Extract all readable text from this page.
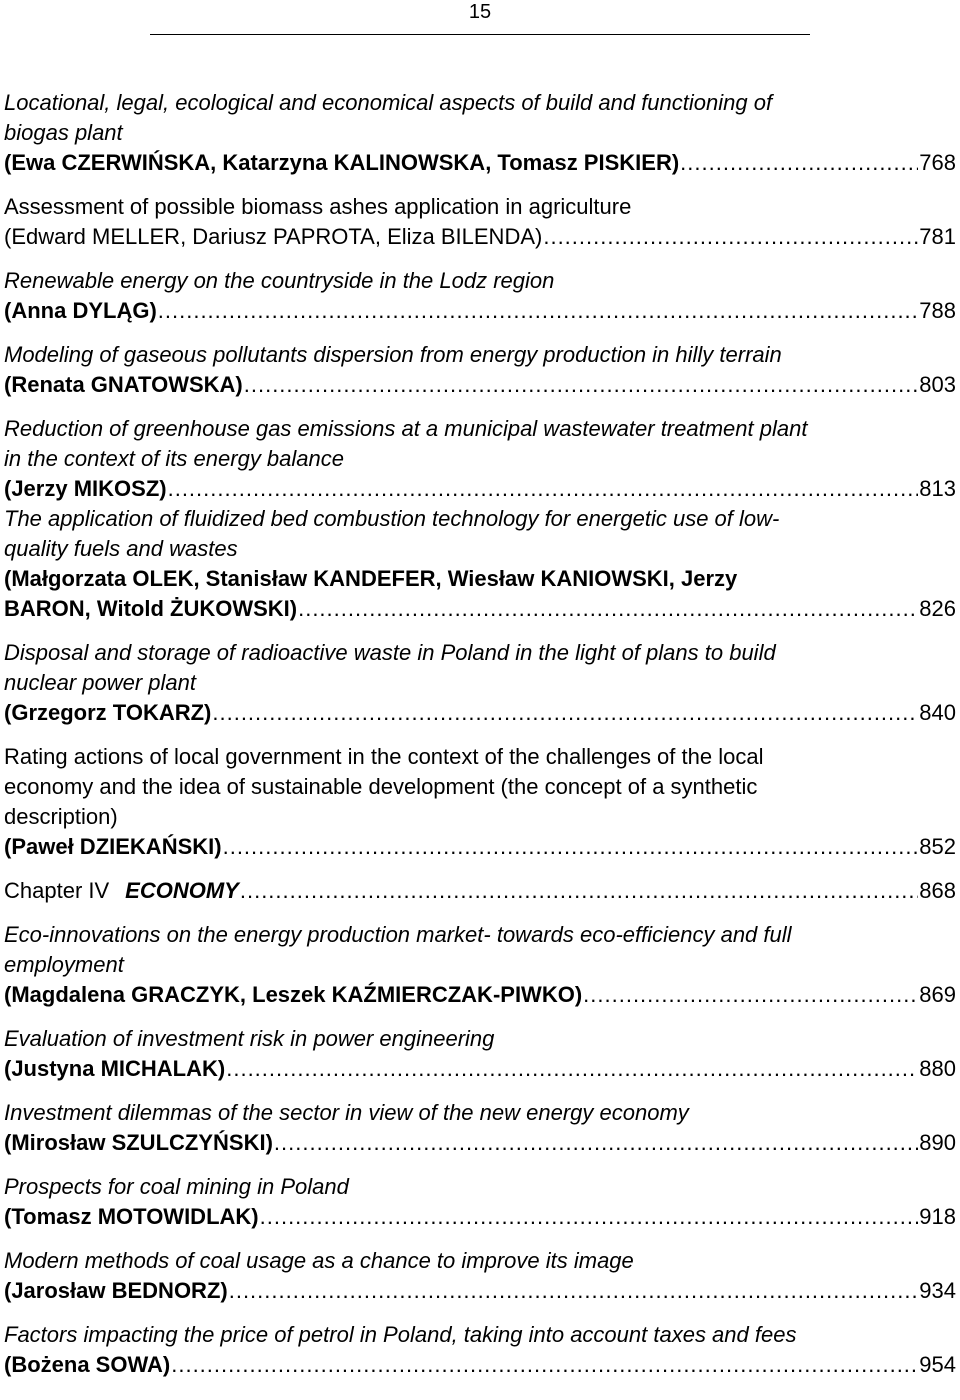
15
Locational, legal, ecological and economical aspects of build and functioning of
biogas plant
(Ewa CZERWIŃSKA, Katarzyna KALINOWSKA, Tomasz PISKIER) .....	768
Assessment of possible biomass ashes application in agriculture
(Edward MELLER, Dariusz PAPROTA, Eliza BILENDA) .....	781
Renewable energy on the countryside in the Lodz region
(Anna DYLĄG) .....	788
Modeling of gaseous pollutants dispersion from energy production in hilly terrain
(Renata GNATOWSKA) .....	803
Reduction of greenhouse gas emissions at a municipal wastewater treatment plant
in the context of its energy balance
(Jerzy MIKOSZ) .....	813
The application of fluidized bed combustion technology for energetic use of low-
quality fuels and wastes
(Małgorzata OLEK, Stanisław KANDEFER, Wiesław KANIOWSKI, Jerzy
BARON, Witold ŻUKOWSKI) .....	826
Disposal and storage of radioactive waste in Poland in the light of plans to build
nuclear power plant
(Grzegorz TOKARZ) .....	840
Rating actions of local government in the context of the challenges of the local
economy and the idea of sustainable development (the concept of a synthetic
description)
(Paweł DZIEKAŃSKI) .....	852
Chapter IV ECONOMY .....	868
Eco-innovations on the energy production market- towards eco-efficiency and full
employment
(Magdalena GRACZYK, Leszek KAŹMIERCZAK-PIWKO) .....	869
Evaluation of investment risk in power engineering
(Justyna MICHALAK) .....	880
Investment dilemmas of the sector in view of the new energy economy
(Mirosław SZULCZYŃSKI) .....	890
Prospects for coal mining in Poland
(Tomasz MOTOWIDLAK) .....	918
Modern methods of coal usage as a chance to improve its image
(Jarosław BEDNORZ) .....	934
Factors impacting the price of petrol in Poland, taking into account taxes and fees
(Bożena SOWA) .....	954
